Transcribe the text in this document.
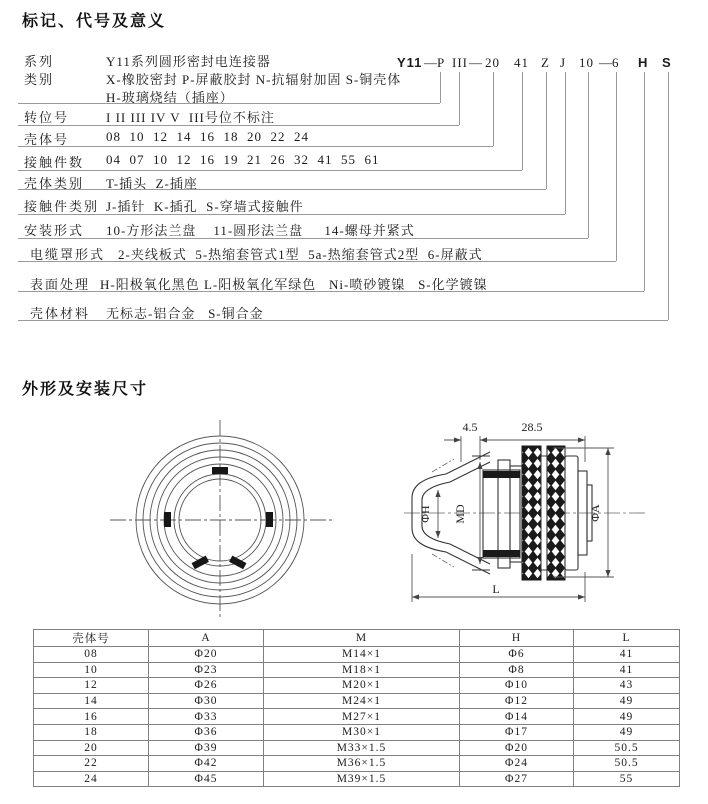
标记、代号及意义
Y11 — P III — 20 41 Z J 10 — 6 H S
系列	Y11系列圆形密封电连接器
类别	X-橡胶密封 P-屏蔽胶封 N-抗辐射加固 S-铜壳体
H-玻璃烧结（插座）
转位号	I II III IV V  III号位不标注
壳体号	08  10  12  14  16  18  20  22  24
接触件数 04  07  10  12  16  19  21  26  32  41  55  61
壳体类别 T-插头  Z-插座
接触件类别 J-插针  K-插孔  S-穿墙式接触件
安装形式 10-方形法兰盘    11-圆形法兰盘     14-螺母并紧式
电缆罩形式 2-夹线板式  5-热缩套管式1型  5a-热缩套管式2型  6-屏蔽式
表面处理 H-阳极氧化黑色 L-阳极氧化军绿色   Ni-喷砂镀镍   S-化学镀镍
壳体材料 无标志-铝合金   S-铜合金
外形及安装尺寸
4.5	28.5
ΦH MD	ΦA
L
壳体号	A	M	H	L
08	Φ20	M14×1	Φ6	41
10	Φ23	M18×1	Φ8	41
12	Φ26	M20×1	Φ10	43
14	Φ30	M24×1	Φ12	49
16	Φ33	M27×1	Φ14	49
18	Φ36	M30×1	Φ17	49
20	Φ39	M33×1.5	Φ20	50.5
22	Φ42	M36×1.5	Φ24	50.5
24	Φ45	M39×1.5	Φ27	55
